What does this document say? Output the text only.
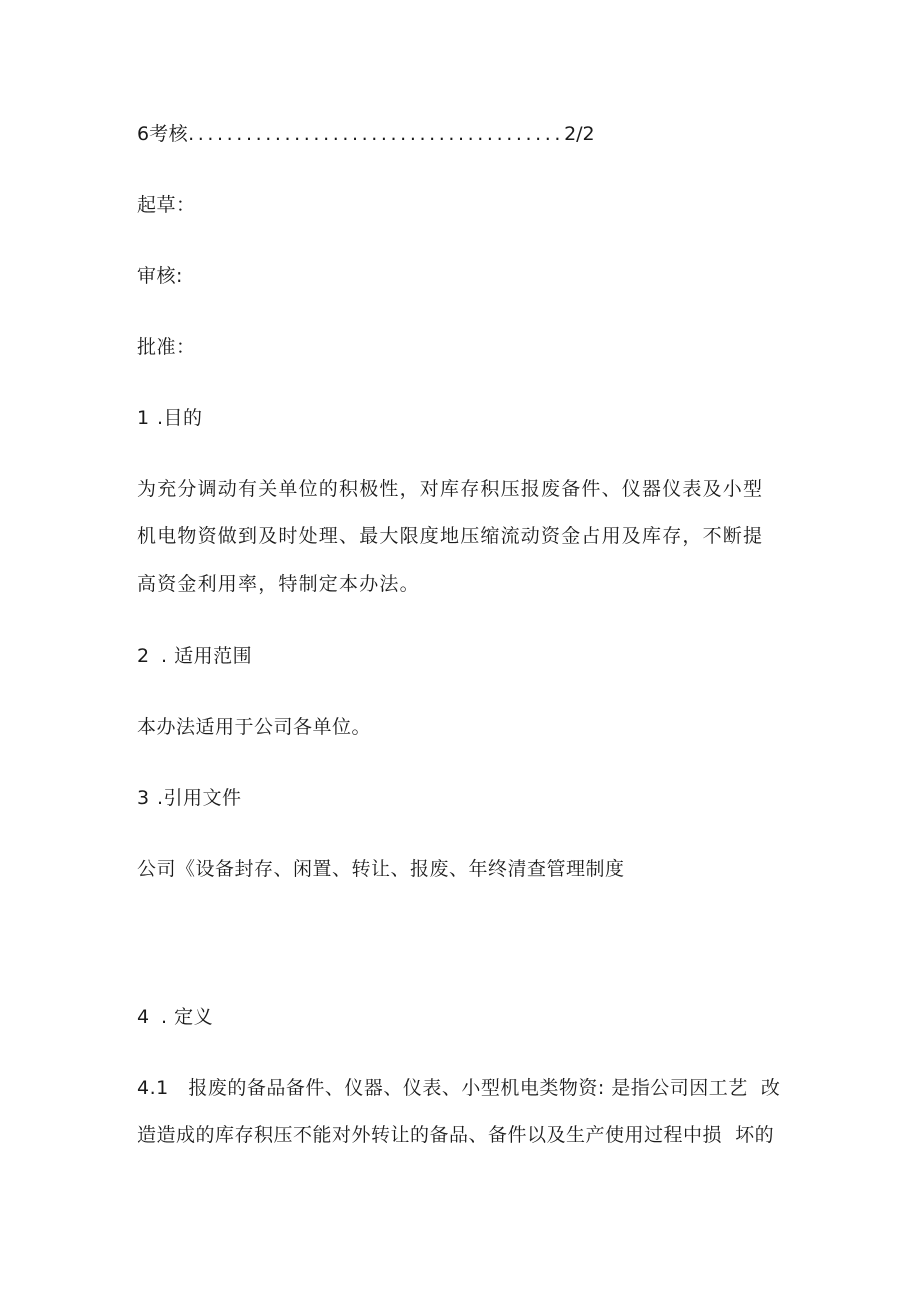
6考核.......................................2/2
起草：
审核:
批准：
1 .目的
为充分调动有关单位的积极性，对库存积压报废备件、仪器仪表及小型
机电物资做到及时处理、最大限度地压缩流动资金占用及库存，不断提
高资金利用率，特制定本办法。
2 . 适用范围
本办法适用于公司各单位。
3 .引用文件
公司《设备封存、闲置、转让、报废、年终清查管理制度
4 . 定义
4.1   报废的备品备件、仪器、仪表、小型机电类物资: 是指公司因工艺  改
造造成的库存积压不能对外转让的备品、备件以及生产使用过程中损  坏的
